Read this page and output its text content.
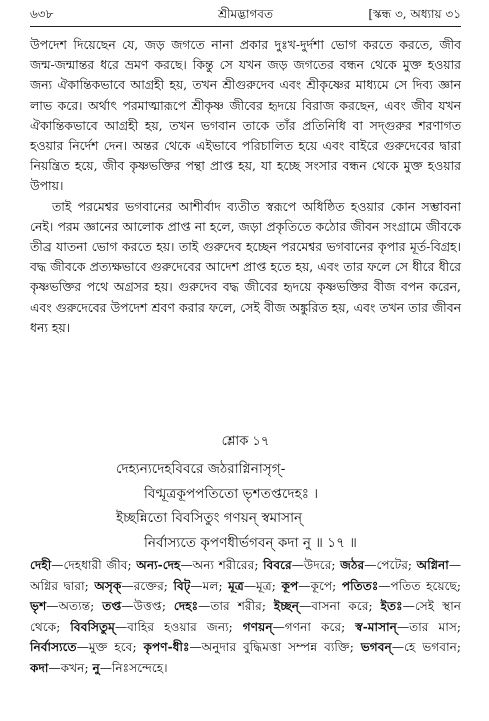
৬৩৮	শ্রীমদ্ভাগবত	[স্কন্ধ ৩, অধ্যায় ৩১

উপদেশ দিয়েছেন যে, জড় জগতে নানা প্রকার দুঃখ-দুর্দশা ভোগ করতে করতে, জীব জন্ম-জন্মান্তর ধরে ভ্রমণ করছে। কিন্তু সে যখন জড় জগতের বন্ধন থেকে মুক্ত হওয়ার জন্য ঐকান্তিকভাবে আগ্রহী হয়, তখন শ্রীগুরুদেব এবং শ্রীকৃষ্ণের মাধ্যমে সে দিব্য জ্ঞান লাভ করে। অর্থাৎ পরমাত্মারূপে শ্রীকৃষ্ণ জীবের হৃদয়ে বিরাজ করছেন, এবং জীব যখন ঐকান্তিকভাবে আগ্রহী হয়, তখন ভগবান তাকে তাঁর প্রতিনিধি বা সদ্গুরুর শরণাগত হওয়ার নির্দেশ দেন। অন্তর থেকে এইভাবে পরিচালিত হয়ে এবং বাইরে গুরুদেবের দ্বারা নিয়ন্ত্রিত হয়ে, জীব কৃষ্ণভক্তির পন্থা প্রাপ্ত হয়, যা হচ্ছে সংসার বন্ধন থেকে মুক্ত হওয়ার উপায়।

তাই পরমেশ্বর ভগবানের আশীর্বাদ ব্যতীত স্বরূপে অধিষ্ঠিত হওয়ার কোন সম্ভাবনা নেই। পরম জ্ঞানের আলোক প্রাপ্ত না হলে, জড়া প্রকৃতিতে কঠোর জীবন সংগ্রামে জীবকে তীব্র যাতনা ভোগ করতে হয়। তাই গুরুদেব হচ্ছেন পরমেশ্বর ভগবানের কৃপার মূর্ত-বিগ্রহ। বদ্ধ জীবকে প্রত্যক্ষভাবে গুরুদেবের আদেশ প্রাপ্ত হতে হয়, এবং তার ফলে সে ধীরে ধীরে কৃষ্ণভক্তির পথে অগ্রসর হয়। গুরুদেব বদ্ধ জীবের হৃদয়ে কৃষ্ণভক্তির বীজ বপন করেন, এবং গুরুদেবের উপদেশ শ্রবণ করার ফলে, সেই বীজ অঙ্কুরিত হয়, এবং তখন তার জীবন ধন্য হয়।

শ্লোক ১৭
দেহ্যন্যদেহবিবরে জঠরাগ্নিনাসৃগ্-
বিণ্মূত্রকূপপতিতো ভৃশতপ্তদেহঃ ।
ইচ্ছন্নিতো বিবসিতুং গণয়ন্ স্বমাসান্
নির্বাস্যতে কৃপণধীর্ভগবন্ কদা নু ॥ ১৭ ॥
দেহী—দেহধারী জীব; অন্য-দেহ—অন্য শরীরের; বিবরে—উদরে; জঠর—পেটের; অগ্নিনা—অগ্নির দ্বারা; অসৃক্—রক্তের; বিট্—মল; মূত্র—মূত্র; কূপ—কূপে; পতিতঃ—পতিত হয়েছে; ভৃশ—অত্যন্ত; তপ্ত—উত্তপ্ত; দেহঃ—তার শরীর; ইচ্ছন্—বাসনা করে; ইতঃ—সেই স্থান থেকে; বিবসিতুম্—বাহির হওয়ার জন্য; গণয়ন্—গণনা করে; স্ব-মাসান্—তার মাস; নির্বাস্যতে—মুক্ত হবে; কৃপণ-ধীঃ—অনুদার বুদ্ধিমত্তা সম্পন্ন ব্যক্তি; ভগবন্—হে ভগবান; কদা—কখন; নু—নিঃসন্দেহে।
